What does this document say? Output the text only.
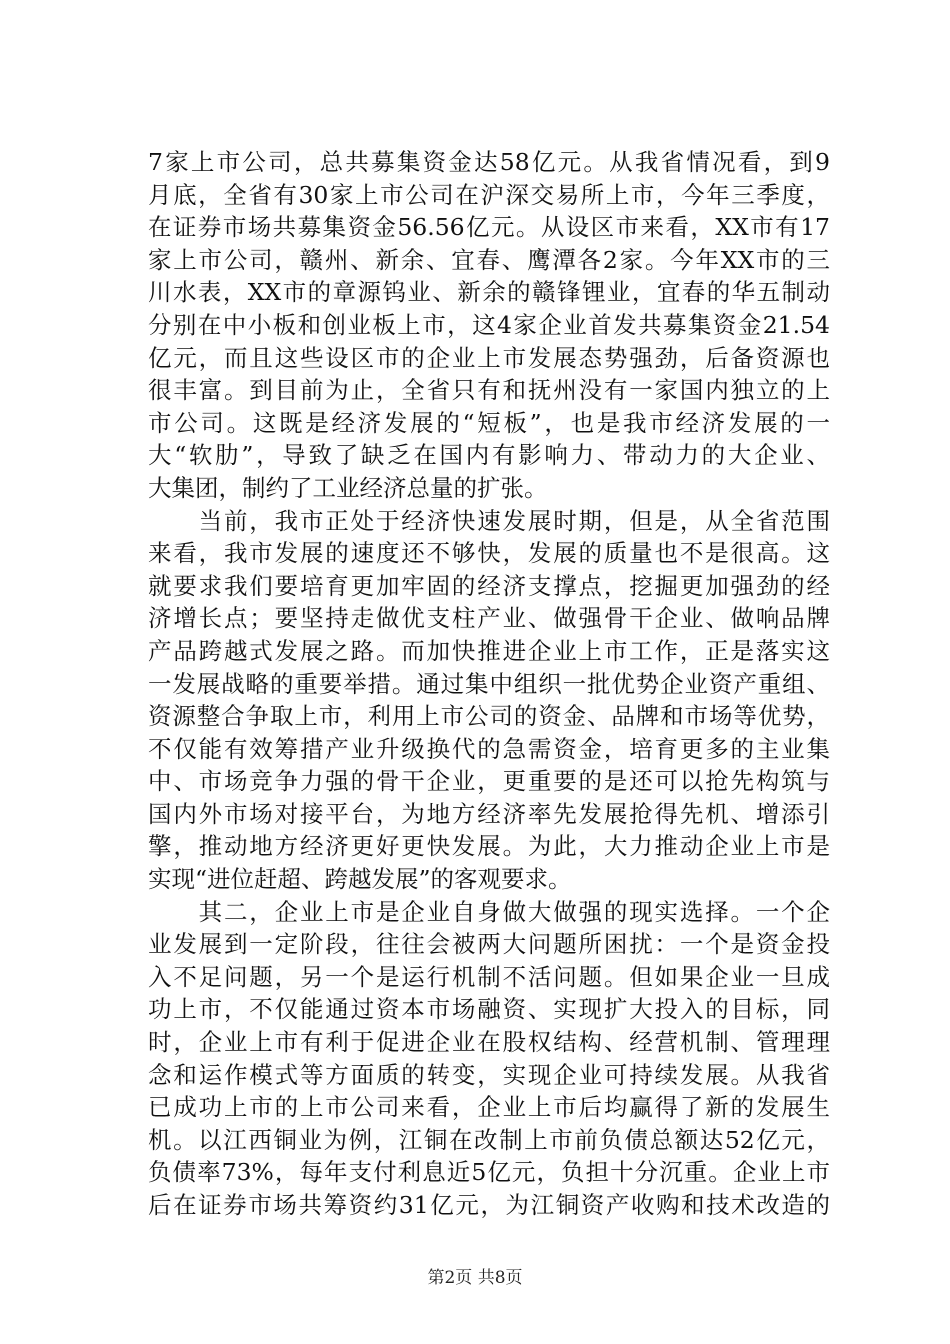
7家上市公司，总共募集资金达58亿元。从我省情况看，到9
月底，全省有30家上市公司在沪深交易所上市，今年三季度，
在证券市场共募集资金56.56亿元。从设区市来看，XX市有17
家上市公司，赣州、新余、宜春、鹰潭各2家。今年XX市的三
川水表，XX市的章源钨业、新余的赣锋锂业，宜春的华五制动
分别在中小板和创业板上市，这4家企业首发共募集资金21.54
亿元，而且这些设区市的企业上市发展态势强劲，后备资源也
很丰富。到目前为止，全省只有和抚州没有一家国内独立的上
市公司。这既是经济发展的“短板”，也是我市经济发展的一
大“软肋”，导致了缺乏在国内有影响力、带动力的大企业、
大集团，制约了工业经济总量的扩张。
　　当前，我市正处于经济快速发展时期，但是，从全省范围
来看，我市发展的速度还不够快，发展的质量也不是很高。这
就要求我们要培育更加牢固的经济支撑点，挖掘更加强劲的经
济增长点；要坚持走做优支柱产业、做强骨干企业、做响品牌
产品跨越式发展之路。而加快推进企业上市工作，正是落实这
一发展战略的重要举措。通过集中组织一批优势企业资产重组、
资源整合争取上市，利用上市公司的资金、品牌和市场等优势，
不仅能有效筹措产业升级换代的急需资金，培育更多的主业集
中、市场竞争力强的骨干企业，更重要的是还可以抢先构筑与
国内外市场对接平台，为地方经济率先发展抢得先机、增添引
擎，推动地方经济更好更快发展。为此，大力推动企业上市是
实现“进位赶超、跨越发展”的客观要求。
　　其二，企业上市是企业自身做大做强的现实选择。一个企
业发展到一定阶段，往往会被两大问题所困扰：一个是资金投
入不足问题，另一个是运行机制不活问题。但如果企业一旦成
功上市，不仅能通过资本市场融资、实现扩大投入的目标，同
时，企业上市有利于促进企业在股权结构、经营机制、管理理
念和运作模式等方面质的转变，实现企业可持续发展。从我省
已成功上市的上市公司来看，企业上市后均赢得了新的发展生
机。以江西铜业为例，江铜在改制上市前负债总额达52亿元，
负债率73%，每年支付利息近5亿元，负担十分沉重。企业上市
后在证券市场共筹资约31亿元，为江铜资产收购和技术改造的
第2页 共8页
